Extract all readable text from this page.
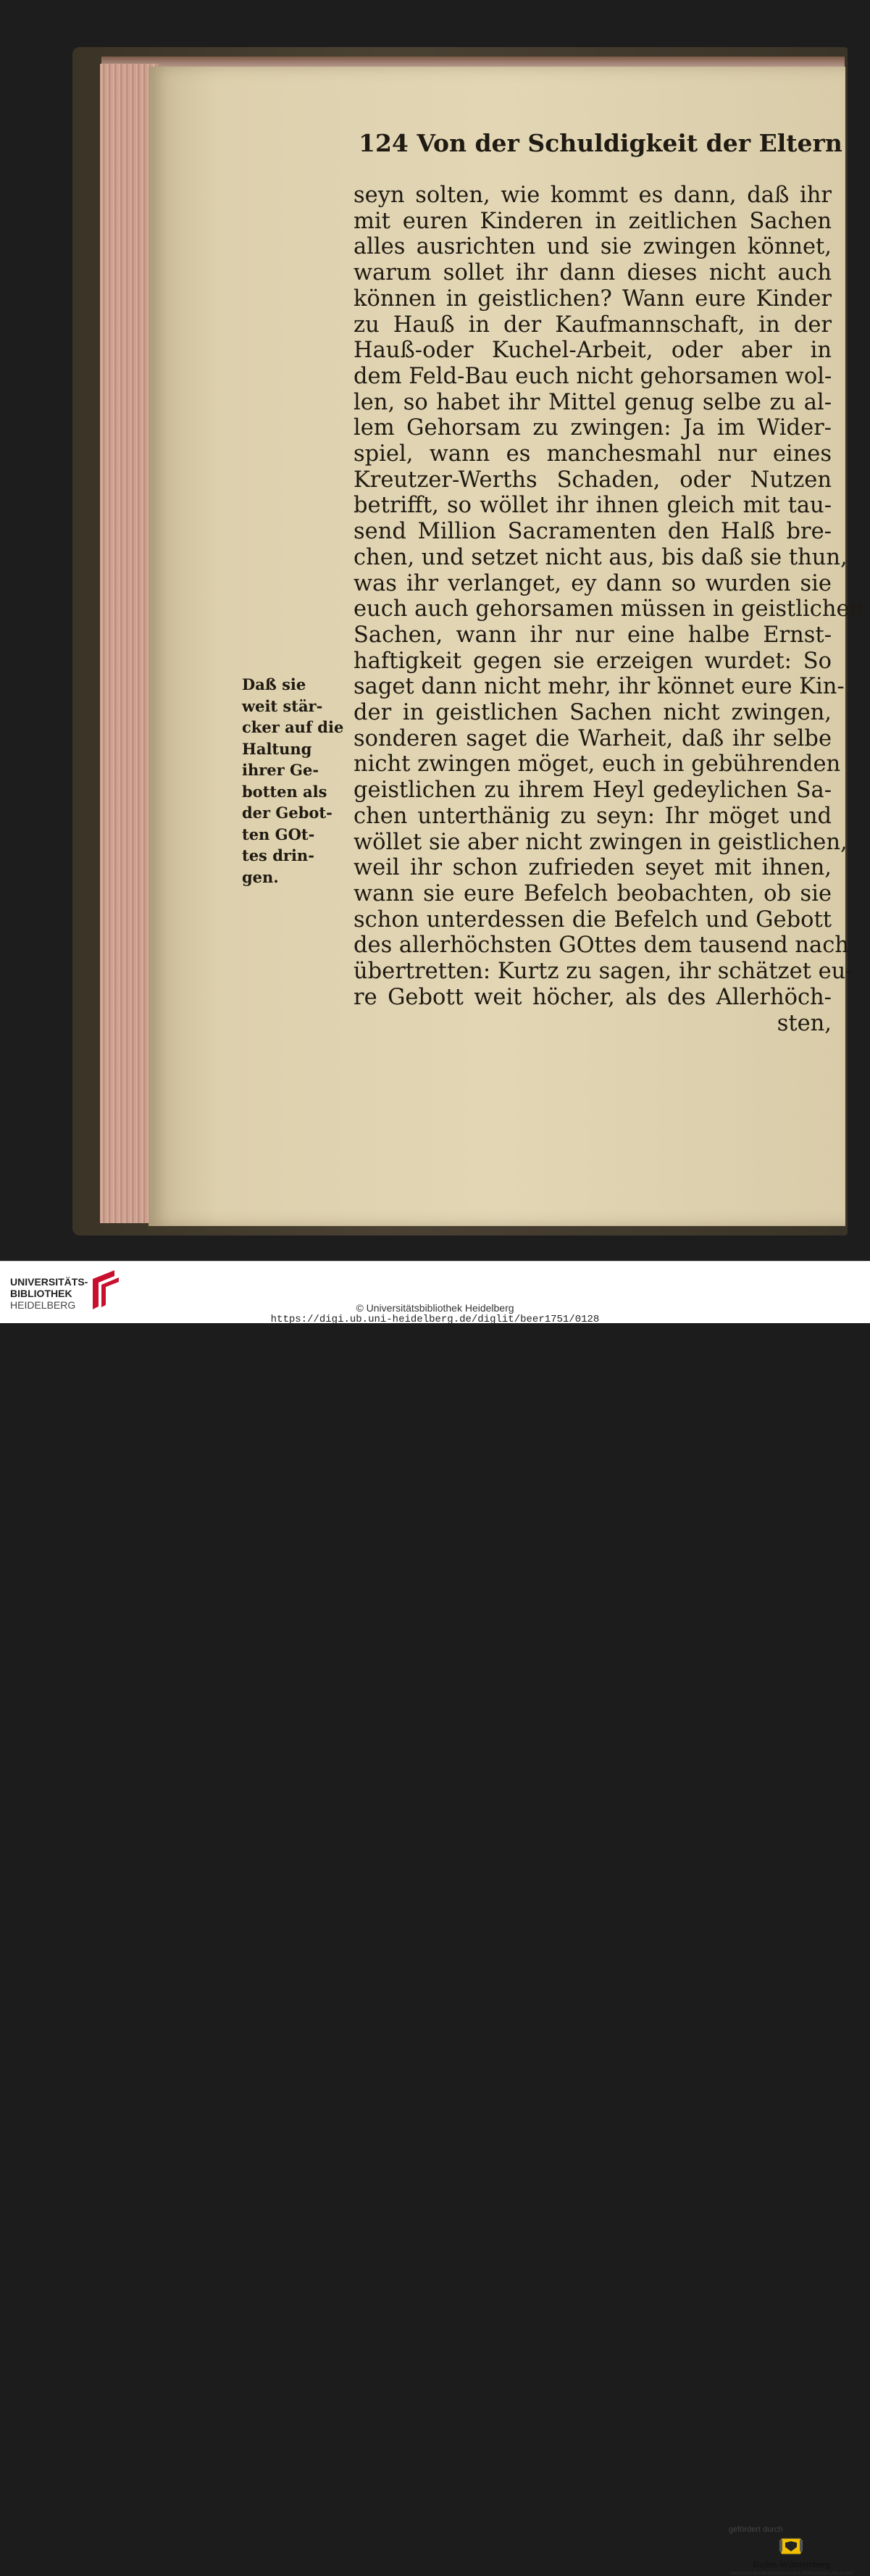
124 Von der Schuldigkeit der Eltern
seyn solten, wie kommt es dann, daß ihr
mit euren Kinderen in zeitlichen Sachen
alles ausrichten und sie zwingen könnet,
warum sollet ihr dann dieses nicht auch
können in geistlichen? Wann eure Kinder
zu Hauß in der Kaufmannschaft, in der
Hauß-oder Kuchel-Arbeit, oder aber in
dem Feld-Bau euch nicht gehorsamen wol-
len, so habet ihr Mittel genug selbe zu al-
lem Gehorsam zu zwingen: Ja im Wider-
spiel, wann es manchesmahl nur eines
Kreutzer-Werths Schaden, oder Nutzen
betrifft, so wöllet ihr ihnen gleich mit tau-
send Million Sacramenten den Halß bre-
chen, und setzet nicht aus, bis daß sie thun,
was ihr verlanget, ey dann so wurden sie
euch auch gehorsamen müssen in geistlichen
Sachen, wann ihr nur eine halbe Ernst-
haftigkeit gegen sie erzeigen wurdet: So
saget dann nicht mehr, ihr könnet eure Kin-
der in geistlichen Sachen nicht zwingen,
sonderen saget die Warheit, daß ihr selbe
nicht zwingen möget, euch in gebührenden
geistlichen zu ihrem Heyl gedeylichen Sa-
chen unterthänig zu seyn: Ihr möget und
wöllet sie aber nicht zwingen in geistlichen,
weil ihr schon zufrieden seyet mit ihnen,
wann sie eure Befelch beobachten, ob sie
schon unterdessen die Befelch und Gebott
des allerhöchsten GOttes dem tausend nach
übertretten: Kurtz zu sagen, ihr schätzet eu-
re Gebott weit höcher, als des Allerhöch-
sten,
Daß sie
weit stär-
cker auf die
Haltung
ihrer Ge-
botten als
der Gebot-
ten GOt-
tes drin-
gen.
UNIVERSITÄTS-
BIBLIOTHEK
HEIDELBERG
gefördert durch
Baden-Württemberg
MINISTERIUM FÜR WISSENSCHAFT, FORSCHUNG UND KUNST
© Universitätsbibliothek Heidelberg
https://digi.ub.uni-heidelberg.de/diglit/beer1751/0128
